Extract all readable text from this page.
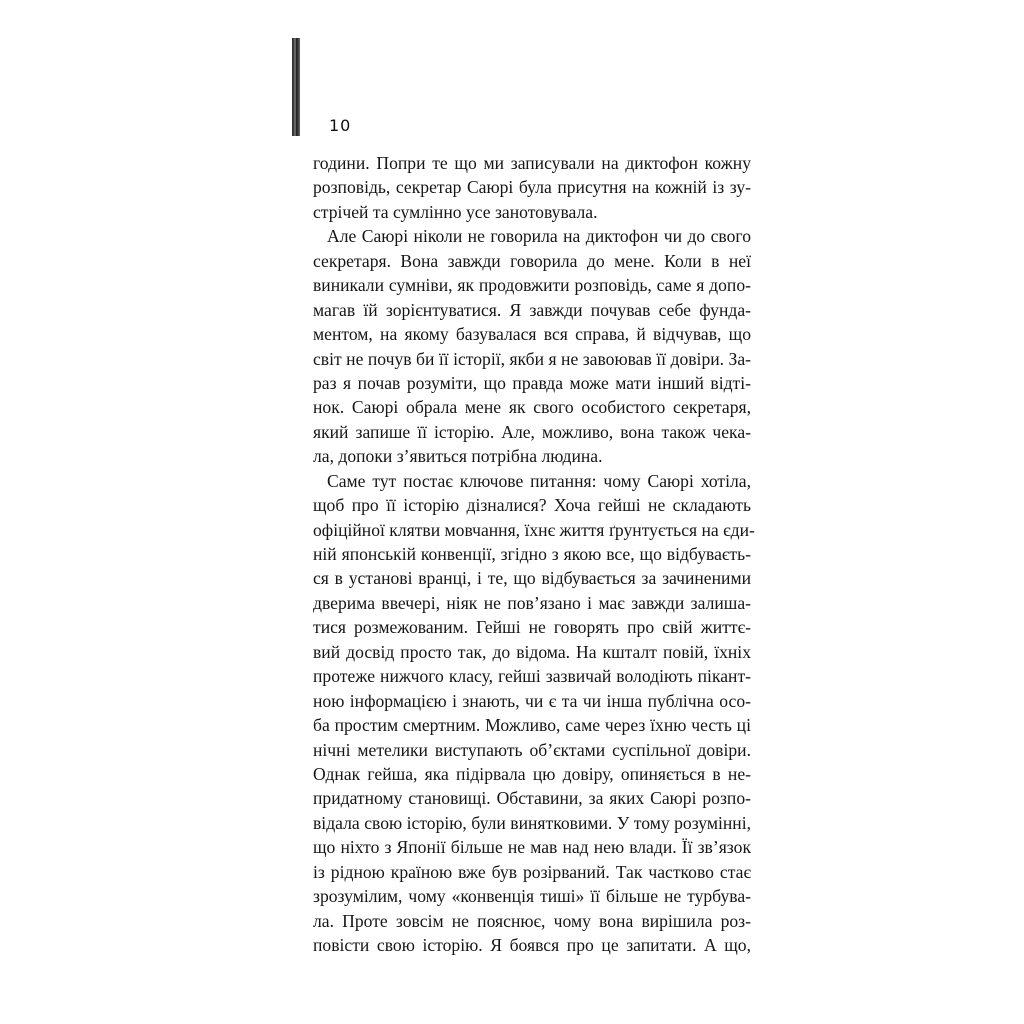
10
години. Попри те що ми записували на диктофон кожну
розповідь, секретар Саюрі була присутня на кожній із зу-
стрічей та сумлінно усе занотовувала.
Але Саюрі ніколи не говорила на диктофон чи до свого
секретаря. Вона завжди говорила до мене. Коли в неї
виникали сумніви, як продовжити розповідь, саме я допо-
магав їй зорієнтуватися. Я завжди почував себе фунда-
ментом, на якому базувалася вся справа, й відчував, що
світ не почув би її історії, якби я не завоював її довіри. За-
раз я почав розуміти, що правда може мати інший відті-
нок. Саюрі обрала мене як свого особистого секретаря,
який запише її історію. Але, можливо, вона також чека-
ла, допоки з’явиться потрібна людина.
Саме тут постає ключове питання: чому Саюрі хотіла,
щоб про її історію дізналися? Хоча гейші не складають
офіційної клятви мовчання, їхнє життя ґрунтується на єди-
ній японській конвенції, згідно з якою все, що відбуваєть-
ся в установі вранці, і те, що відбувається за зачиненими
дверима ввечері, ніяк не пов’язано і має завжди залиша-
тися розмежованим. Гейші не говорять про свій життє-
вий досвід просто так, до відома. На кшталт повій, їхніх
протеже нижчого класу, гейші зазвичай володіють пікант-
ною інформацією і знають, чи є та чи інша публічна осо-
ба простим смертним. Можливо, саме через їхню честь ці
нічні метелики виступають об’єктами суспільної довіри.
Однак гейша, яка підірвала цю довіру, опиняється в не-
придатному становищі. Обставини, за яких Саюрі розпо-
відала свою історію, були винятковими. У тому розумінні,
що ніхто з Японії більше не мав над нею влади. Її зв’язок
із рідною країною вже був розірваний. Так частково стає
зрозумілим, чому «конвенція тиші» її більше не турбува-
ла. Проте зовсім не пояснює, чому вона вирішила роз-
повісти свою історію. Я боявся про це запитати. А що,
